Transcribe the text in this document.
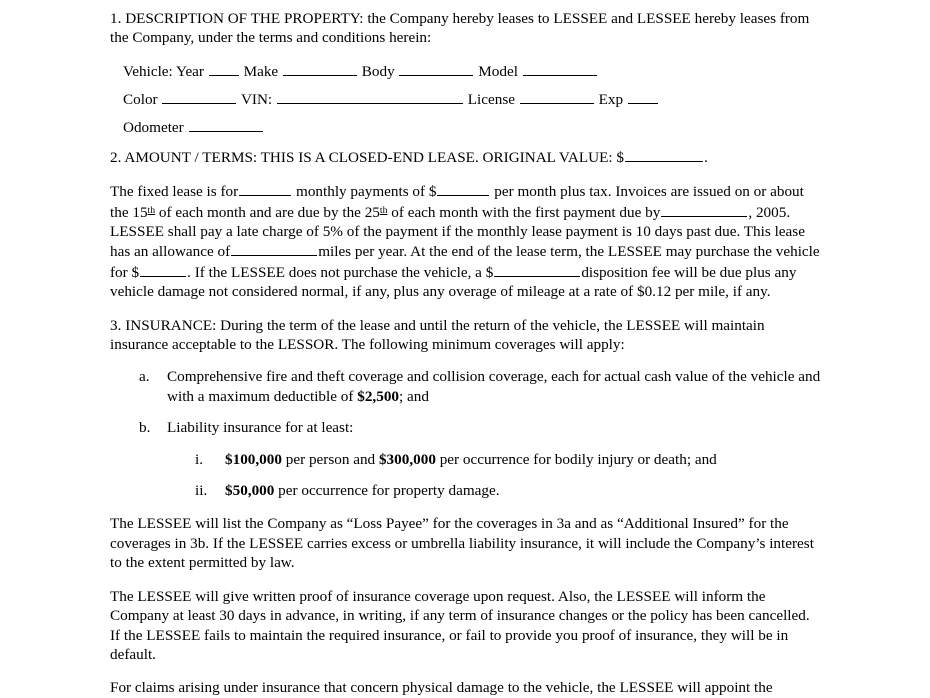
1. DESCRIPTION OF THE PROPERTY: the Company hereby leases to LESSEE and LESSEE hereby leases from the Company, under the terms and conditions herein:

Vehicle: Year	Make	Body	Model
Color	VIN:	License	Exp
Odometer

2. AMOUNT / TERMS: THIS IS A CLOSED-END LEASE. ORIGINAL VALUE: $	.

The fixed lease is for	monthly payments of $	per month plus tax. Invoices are issued on or about the 15th of each month and are due by the 25th of each month with the first payment due by	, 2005. LESSEE shall pay a late charge of 5% of the payment if the monthly lease payment is 10 days past due. This lease has an allowance of	miles per year. At the end of the lease term, the LESSEE may purchase the vehicle for $	. If the LESSEE does not purchase the vehicle, a $	disposition fee will be due plus any vehicle damage not considered normal, if any, plus any overage of mileage at a rate of $0.12 per mile, if any.

3. INSURANCE: During the term of the lease and until the return of the vehicle, the LESSEE will maintain insurance acceptable to the LESSOR. The following minimum coverages will apply:

a. Comprehensive fire and theft coverage and collision coverage, each for actual cash value of the vehicle and with a maximum deductible of $2,500; and
b. Liability insurance for at least:
i. $100,000 per person and $300,000 per occurrence for bodily injury or death; and
ii. $50,000 per occurrence for property damage.

The LESSEE will list the Company as “Loss Payee” for the coverages in 3a and as “Additional Insured” for the coverages in 3b. If the LESSEE carries excess or umbrella liability insurance, it will include the Company’s interest to the extent permitted by law.

The LESSEE will give written proof of insurance coverage upon request. Also, the LESSEE will inform the Company at least 30 days in advance, in writing, if any term of insurance changes or the policy has been cancelled. If the LESSEE fails to maintain the required insurance, or fail to provide you proof of insurance, they will be in default.

For claims arising under insurance that concern physical damage to the vehicle, the LESSEE will appoint the
